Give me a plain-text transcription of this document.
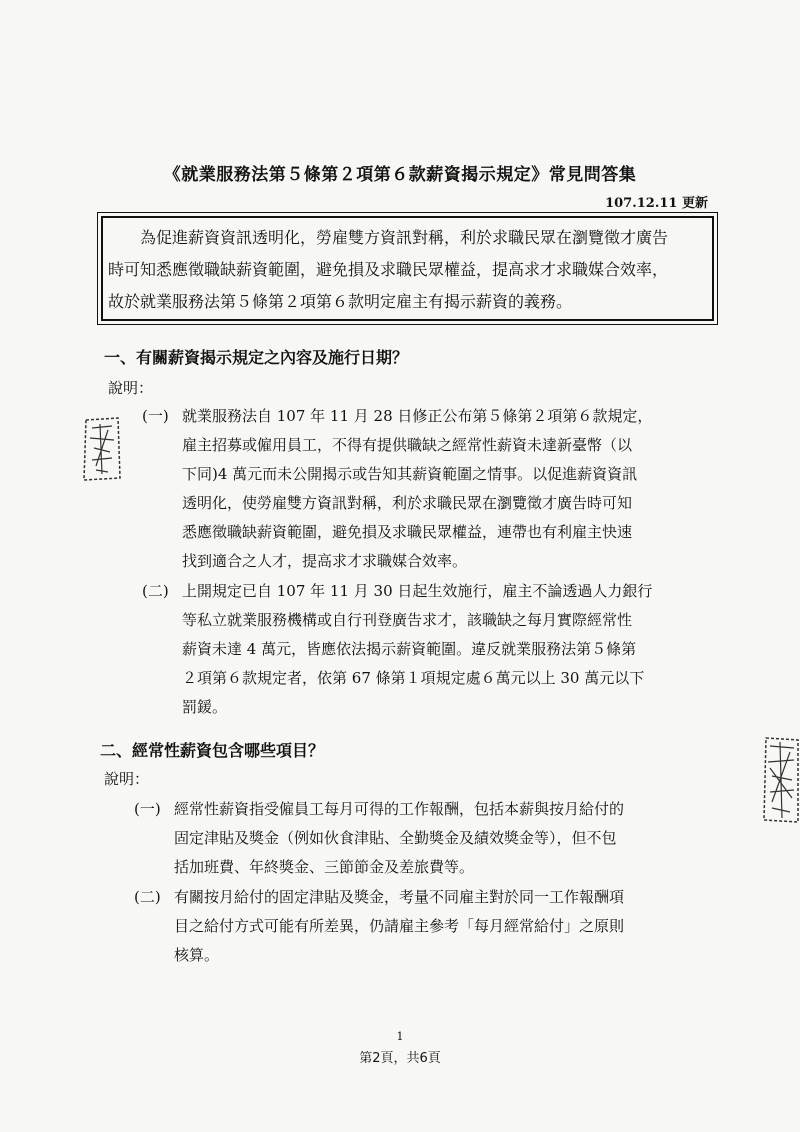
《就業服務法第５條第２項第６款薪資揭示規定》常見問答集
107.12.11 更新
為促進薪資資訊透明化，勞雇雙方資訊對稱，利於求職民眾在瀏覽徵才廣告
時可知悉應徵職缺薪資範圍，避免損及求職民眾權益，提高求才求職媒合效率，
故於就業服務法第５條第２項第６款明定雇主有揭示薪資的義務。
一、有關薪資揭示規定之內容及施行日期？
說明：
(一) 就業服務法自 107 年 11 月 28 日修正公布第５條第２項第６款規定，
雇主招募或僱用員工，不得有提供職缺之經常性薪資未達新臺幣（以
下同)4 萬元而未公開揭示或告知其薪資範圍之情事。以促進薪資資訊
透明化，使勞雇雙方資訊對稱，利於求職民眾在瀏覽徵才廣告時可知
悉應徵職缺薪資範圍，避免損及求職民眾權益，連帶也有利雇主快速
找到適合之人才，提高求才求職媒合效率。
(二) 上開規定已自 107 年 11 月 30 日起生效施行，雇主不論透過人力銀行
等私立就業服務機構或自行刊登廣告求才，該職缺之每月實際經常性
薪資未達 4 萬元，皆應依法揭示薪資範圍。違反就業服務法第５條第
２項第６款規定者，依第 67 條第１項規定處６萬元以上 30 萬元以下
罰鍰。
二、經常性薪資包含哪些項目？
說明：
(一) 經常性薪資指受僱員工每月可得的工作報酬，包括本薪與按月給付的
固定津貼及獎金（例如伙食津貼、全勤獎金及績效獎金等），但不包
括加班費、年終獎金、三節節金及差旅費等。
(二) 有關按月給付的固定津貼及獎金，考量不同雇主對於同一工作報酬項
目之給付方式可能有所差異，仍請雇主參考「每月經常給付」之原則
核算。
1
第2頁，共6頁
